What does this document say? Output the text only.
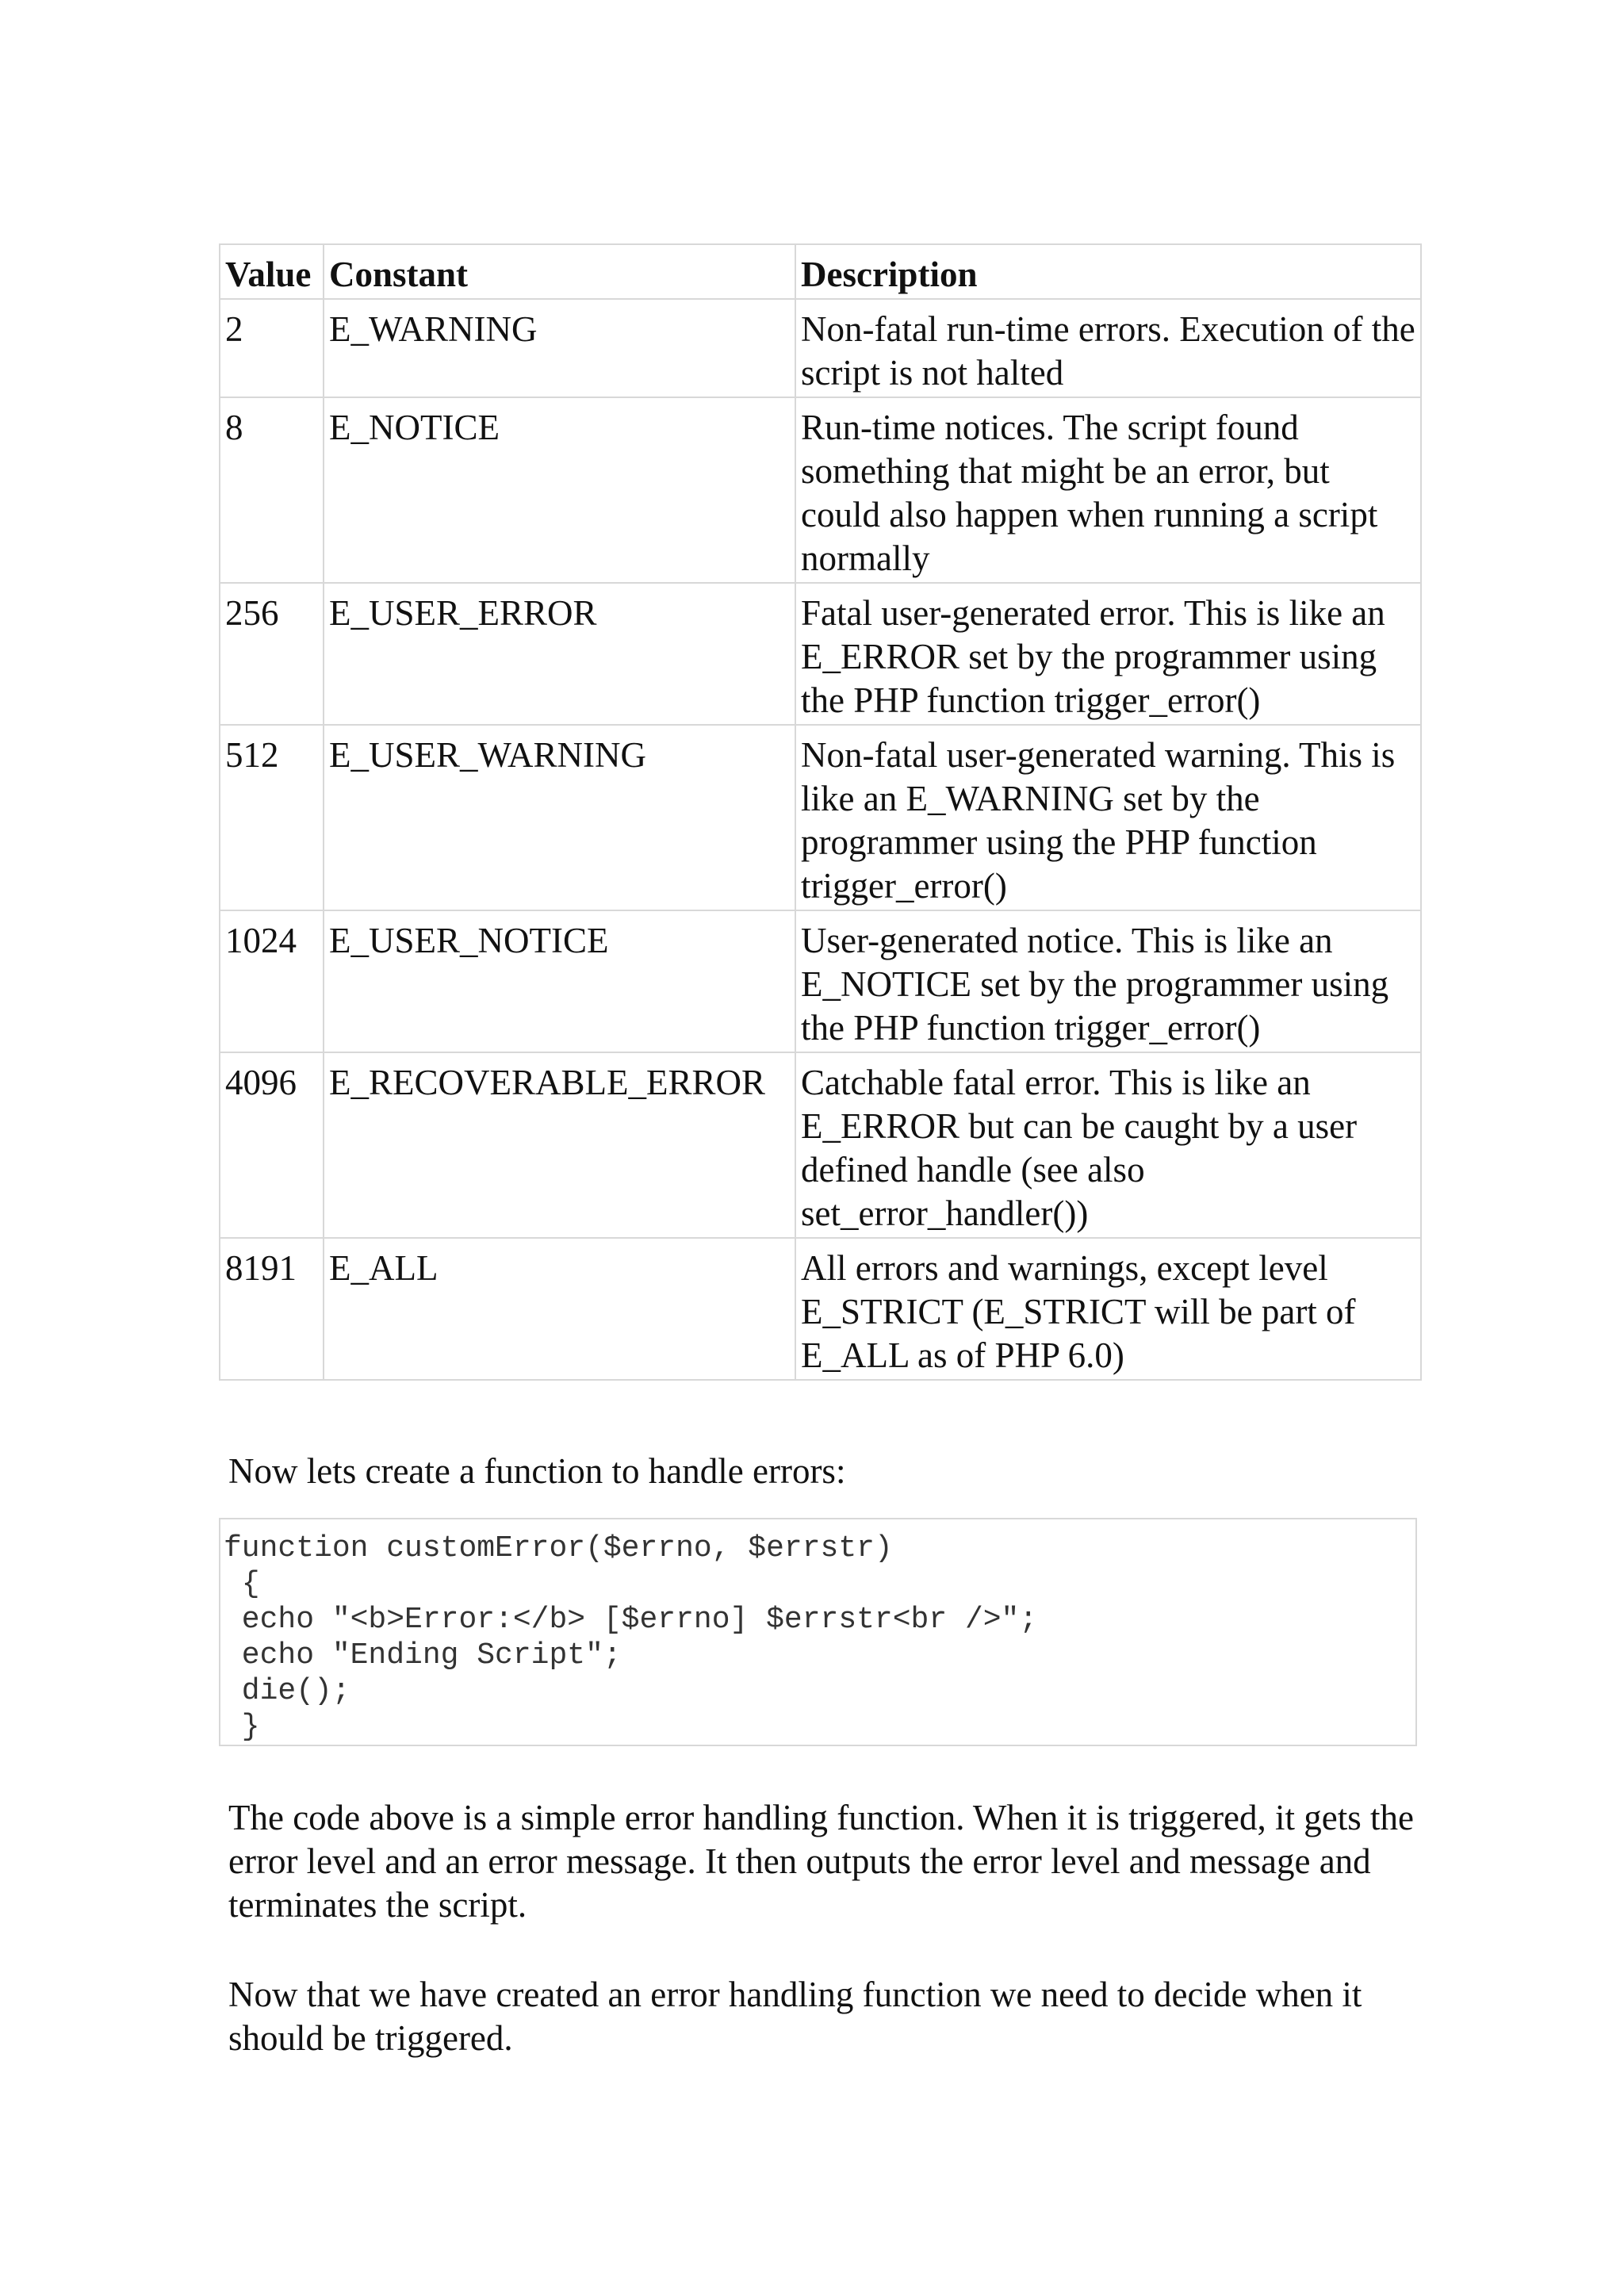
Value	Constant	Description
2	E_WARNING	Non-fatal run-time errors. Execution of the script is not halted
8	E_NOTICE	Run-time notices. The script found something that might be an error, but could also happen when running a script normally
256	E_USER_ERROR	Fatal user-generated error. This is like an E_ERROR set by the programmer using the PHP function trigger_error()
512	E_USER_WARNING	Non-fatal user-generated warning. This is like an E_WARNING set by the programmer using the PHP function trigger_error()
1024	E_USER_NOTICE	User-generated notice. This is like an E_NOTICE set by the programmer using the PHP function trigger_error()
4096	E_RECOVERABLE_ERROR	Catchable fatal error. This is like an E_ERROR but can be caught by a user defined handle (see also set_error_handler())
8191	E_ALL	All errors and warnings, except level E_STRICT (E_STRICT will be part of E_ALL as of PHP 6.0)

Now lets create a function to handle errors:

function customError($errno, $errstr)
{
echo "<b>Error:</b> [$errno] $errstr<br />";
echo "Ending Script";
die();
}

The code above is a simple error handling function. When it is triggered, it gets the error level and an error message. It then outputs the error level and message and terminates the script.

Now that we have created an error handling function we need to decide when it should be triggered.
